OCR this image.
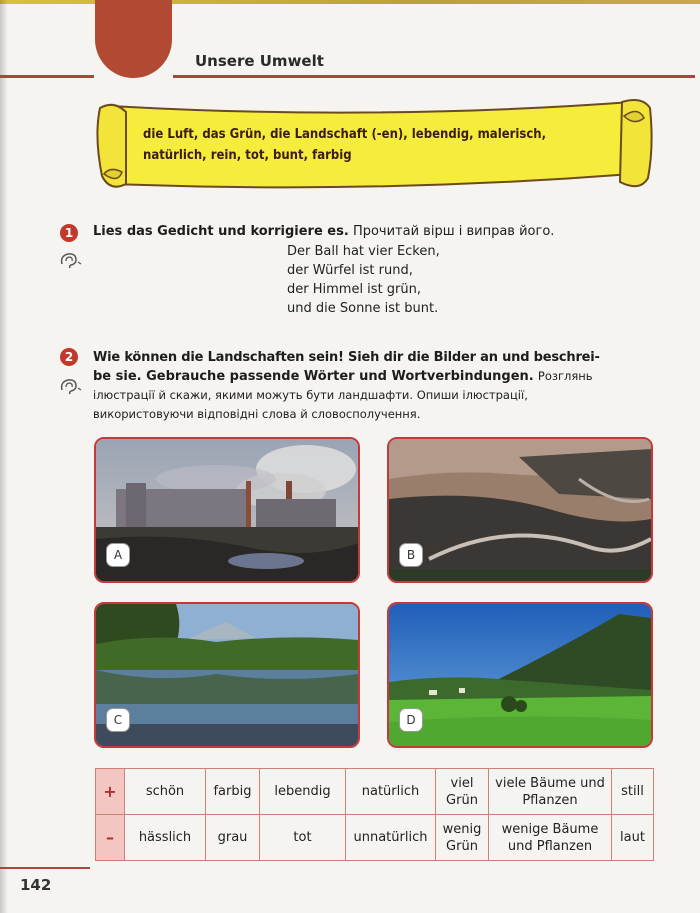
Unsere Umwelt
die Luft, das Grün, die Landschaft (-en), lebendig, malerisch,
natürlich, rein, tot, bunt, farbig
1	Lies das Gedicht und korrigiere es. Прочитай вірш і виправ його.
Der Ball hat vier Ecken,
der Würfel ist rund,
der Himmel ist grün,
und die Sonne ist bunt.
2	Wie können die Landschaften sein! Sieh dir die Bilder an und beschrei-
be sie. Gebrauche passende Wörter und Wortverbindungen. Розглянь
ілюстрації й скажи, якими можуть бути ландшафти. Опиши ілюстрації,
використовуючи відповідні слова й словосполучення.
A	B
C	D
+	schön	farbig	lebendig	natürlich	viel Grün	viele Bäume und Pflanzen	still
–	hässlich	grau	tot	unnatürlich	wenig Grün	wenige Bäume und Pflanzen	laut
142
